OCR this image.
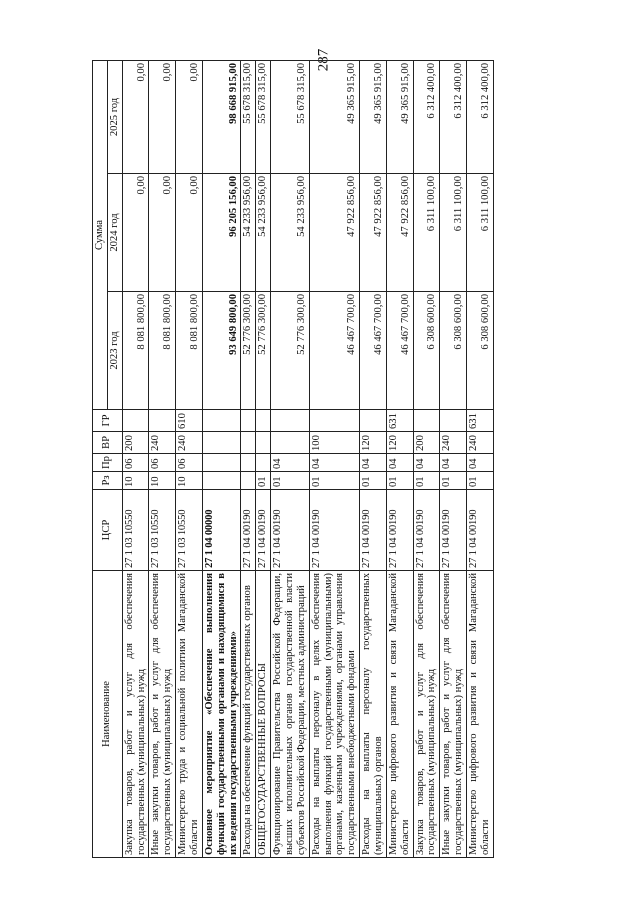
287
Наименование	ЦСР	Рз	Пр	ВР	ГР	Сумма		
						2023 год	2024 год	2025 год
Закупка товаров, работ и услуг для обеспечения государственных (муниципальных) нужд	27 1 03 10550	10	06	200		8 081 800,00	0,00	0,00
Иные закупки товаров, работ и услуг для обеспечения государственных (муниципальных) нужд	27 1 03 10550	10	06	240		8 081 800,00	0,00	0,00
Министерство труда и социальной политики Магаданской области	27 1 03 10550	10	06	240	610	8 081 800,00	0,00	0,00
Основное мероприятие «Обеспечение выполнения функций государственными органами и находящимися в их ведении государственными учреждениями»	27 1 04 00000					93 649 800,00	96 205 156,00	98 668 915,00
Расходы на обеспечение функций государственных органов	27 1 04 00190					52 776 300,00	54 233 956,00	55 678 315,00
ОБЩЕГОСУДАРСТВЕННЫЕ ВОПРОСЫ	27 1 04 00190	01				52 776 300,00	54 233 956,00	55 678 315,00
Функционирование Правительства Российской Федерации, высших исполнительных органов государственной власти субъектов Российской Федерации, местных администраций	27 1 04 00190	01	04			52 776 300,00	54 233 956,00	55 678 315,00
Расходы на выплаты персоналу в целях обеспечения выполнения функций государственными (муниципальными) органами, казенными учреждениями, органами управления государственными внебюджетными фондами	27 1 04 00190	01	04	100		46 467 700,00	47 922 856,00	49 365 915,00
Расходы на выплаты персоналу государственных (муниципальных) органов	27 1 04 00190	01	04	120		46 467 700,00	47 922 856,00	49 365 915,00
Министерство цифрового развития и связи Магаданской области	27 1 04 00190	01	04	120	631	46 467 700,00	47 922 856,00	49 365 915,00
Закупка товаров, работ и услуг для обеспечения государственных (муниципальных) нужд	27 1 04 00190	01	04	200		6 308 600,00	6 311 100,00	6 312 400,00
Иные закупки товаров, работ и услуг для обеспечения государственных (муниципальных) нужд	27 1 04 00190	01	04	240		6 308 600,00	6 311 100,00	6 312 400,00
Министерство цифрового развития и связи Магаданской области	27 1 04 00190	01	04	240	631	6 308 600,00	6 311 100,00	6 312 400,00
